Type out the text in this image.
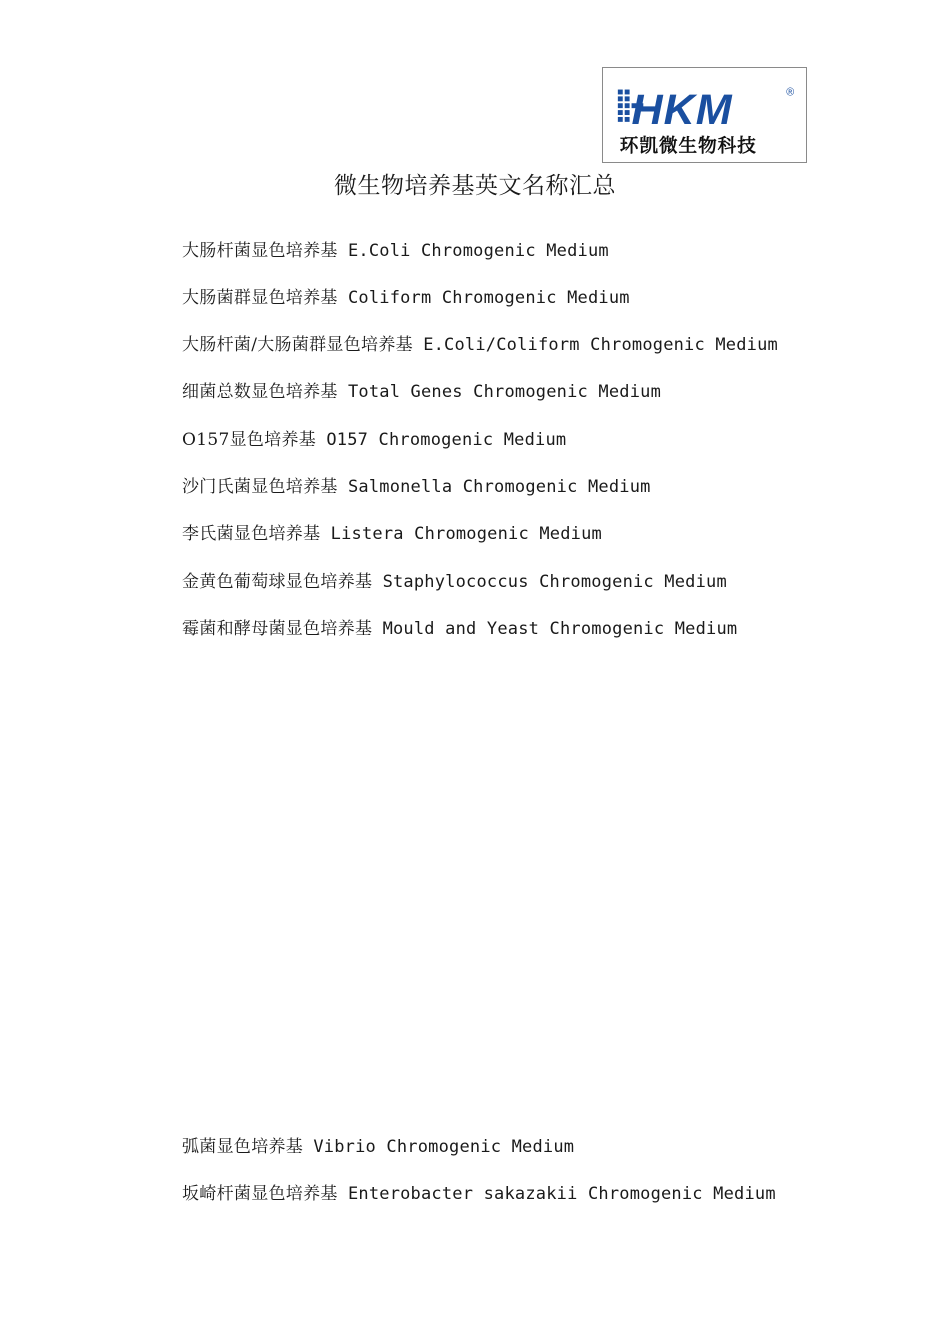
HKM	®
环凯微生物科技
微生物培养基英文名称汇总
大肠杆菌显色培养基 E.Coli Chromogenic Medium
大肠菌群显色培养基 Coliform Chromogenic Medium
大肠杆菌/大肠菌群显色培养基 E.Coli/Coliform Chromogenic Medium
细菌总数显色培养基 Total Genes Chromogenic Medium
O157显色培养基 O157 Chromogenic Medium
沙门氏菌显色培养基 Salmonella Chromogenic Medium
李氏菌显色培养基 Listera Chromogenic Medium
金黄色葡萄球显色培养基 Staphylococcus Chromogenic Medium
霉菌和酵母菌显色培养基 Mould and Yeast Chromogenic Medium
弧菌显色培养基 Vibrio Chromogenic Medium
坂崎杆菌显色培养基 Enterobacter sakazakii Chromogenic Medium
